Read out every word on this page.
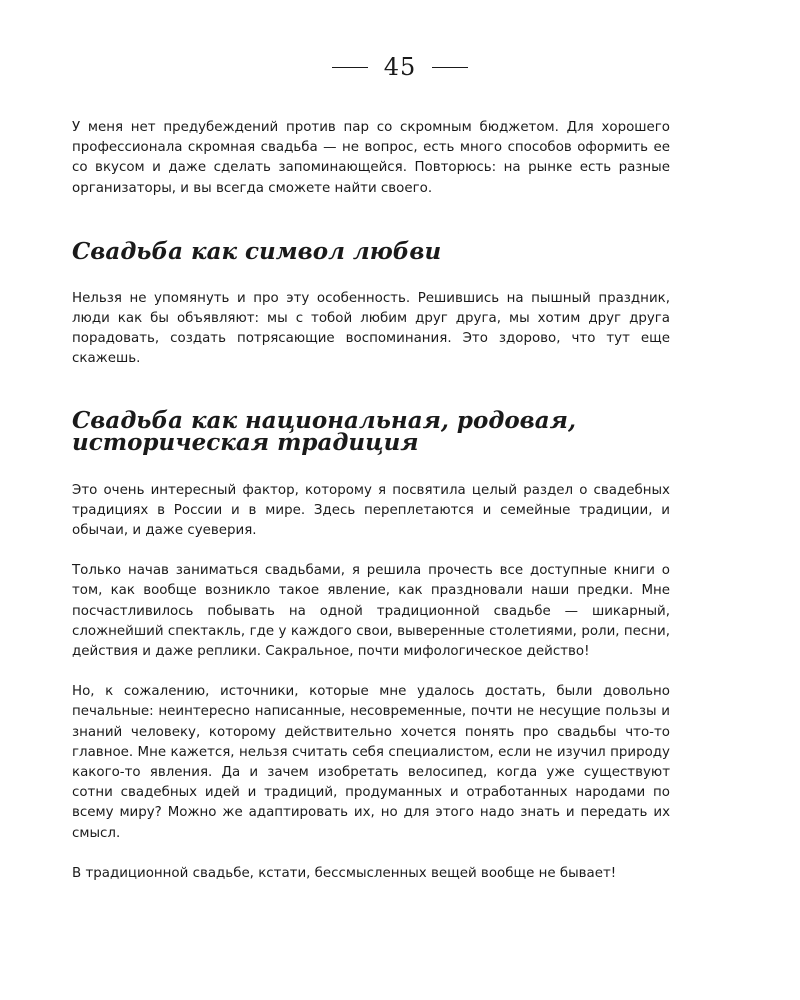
45

У меня нет предубеждений против пар со скромным бюджетом. Для хорошего профессионала скромная свадьба — не вопрос, есть много способов оформить ее со вкусом и даже сделать запоминающейся. Повторюсь: на рынке есть разные организаторы, и вы всегда сможете найти своего.

Свадьба как символ любви

Нельзя не упомянуть и про эту особенность. Решившись на пышный праздник, люди как бы объявляют: мы с тобой любим друг друга, мы хотим друг друга порадовать, создать потрясающие воспоминания. Это здорово, что тут еще скажешь.

Свадьба как национальная, родовая,
историческая традиция

Это очень интересный фактор, которому я посвятила целый раздел о свадебных традициях в России и в мире. Здесь переплетаются и семейные традиции, и обычаи, и даже суеверия.

Только начав заниматься свадьбами, я решила прочесть все доступные книги о том, как вообще возникло такое явление, как праздновали наши предки. Мне посчастливилось побывать на одной традиционной свадьбе — шикарный, сложнейший спектакль, где у каждого свои, выверенные столетиями, роли, песни, действия и даже реплики. Сакральное, почти мифологическое действо!

Но, к сожалению, источники, которые мне удалось достать, были довольно печальные: неинтересно написанные, несовременные, почти не несущие пользы и знаний человеку, которому действительно хочется понять про свадьбы что-то главное. Мне кажется, нельзя считать себя специалистом, если не изучил природу какого-то явления. Да и зачем изобретать велосипед, когда уже существуют сотни свадебных идей и традиций, продуманных и отработанных народами по всему миру? Можно же адаптировать их, но для этого надо знать и передать их смысл.

В традиционной свадьбе, кстати, бессмысленных вещей вообще не бывает!
